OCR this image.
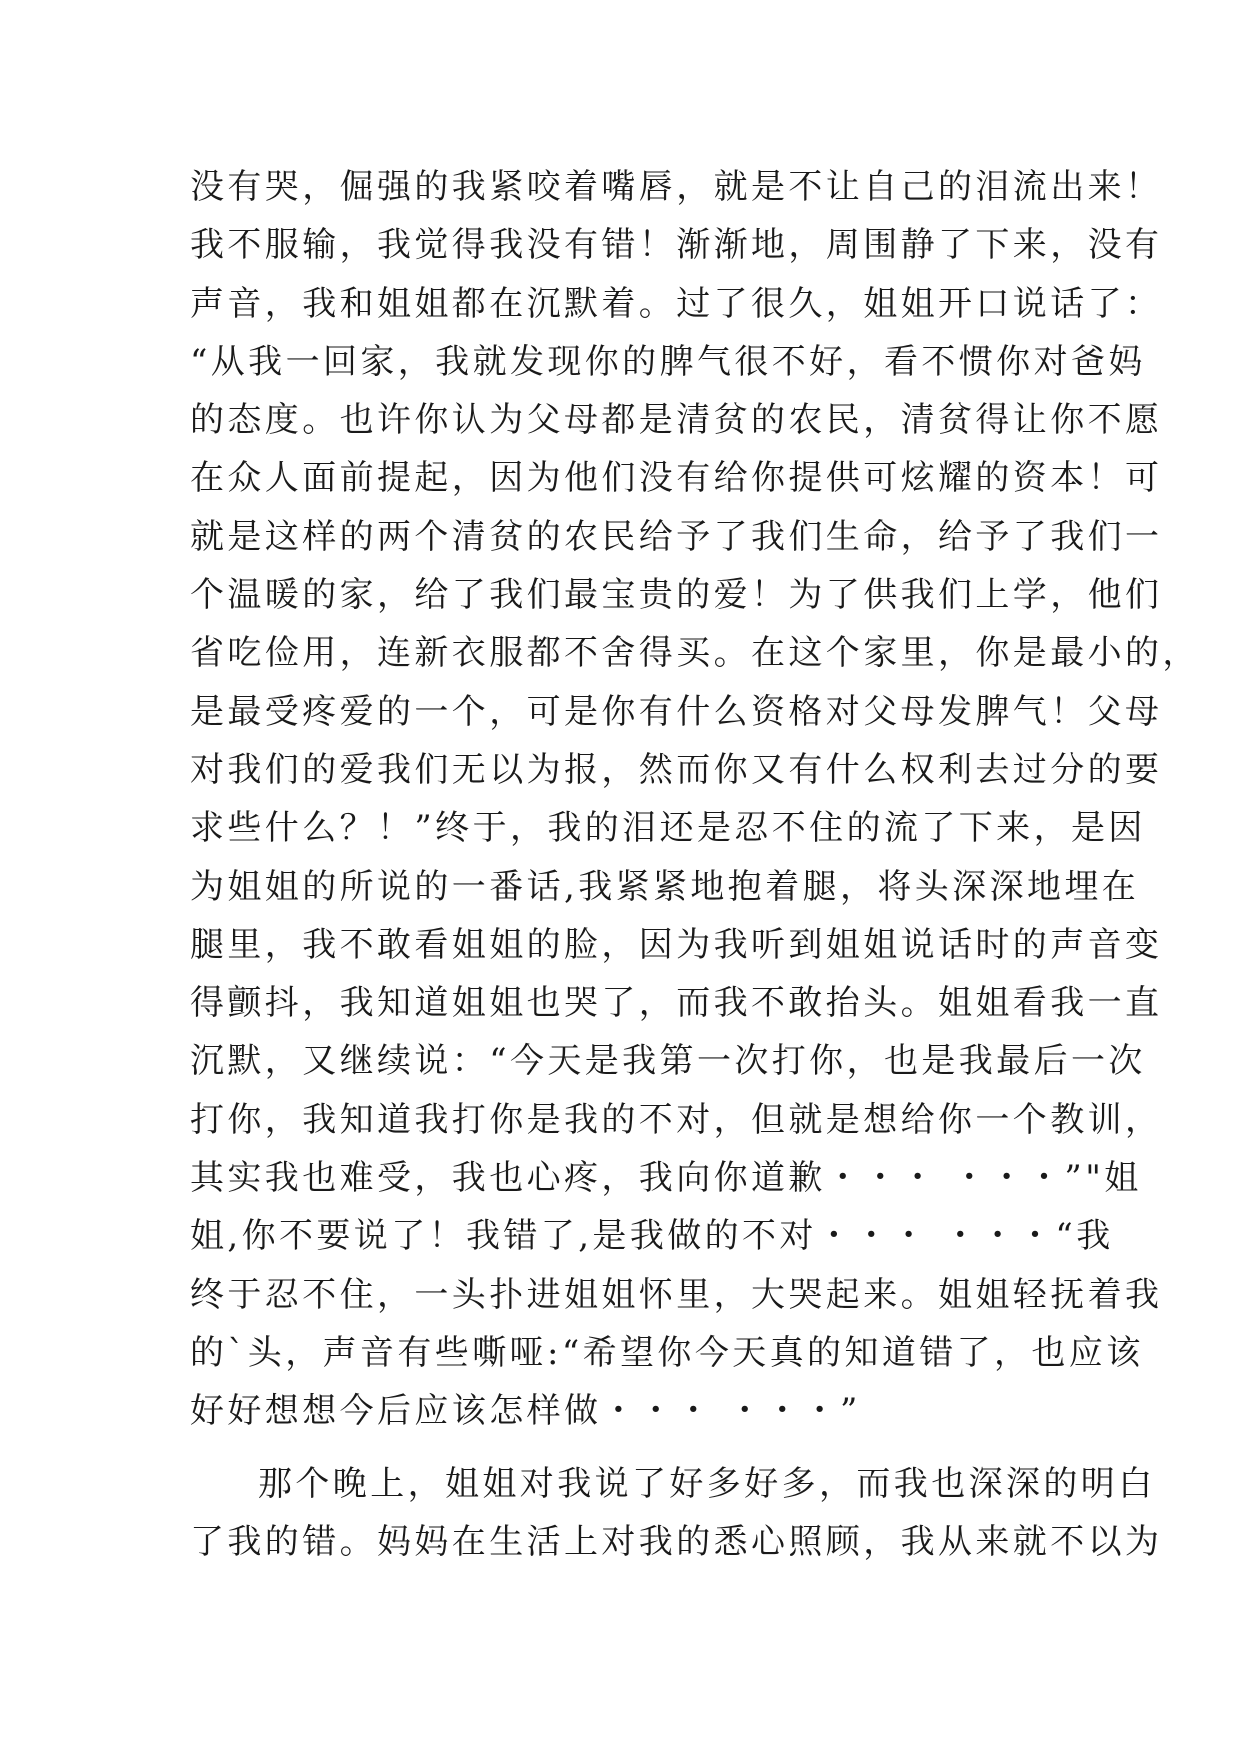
没有哭，倔强的我紧咬着嘴唇，就是不让自己的泪流出来！
我不服输，我觉得我没有错！渐渐地，周围静了下来，没有
声音，我和姐姐都在沉默着。过了很久，姐姐开口说话了：
“从我一回家，我就发现你的脾气很不好，看不惯你对爸妈
的态度。也许你认为父母都是清贫的农民，清贫得让你不愿
在众人面前提起，因为他们没有给你提供可炫耀的资本！可
就是这样的两个清贫的农民给予了我们生命，给予了我们一
个温暖的家，给了我们最宝贵的爱！为了供我们上学，他们
省吃俭用，连新衣服都不舍得买。在这个家里，你是最小的，
是最受疼爱的一个，可是你有什么资格对父母发脾气！父母
对我们的爱我们无以为报，然而你又有什么权利去过分的要
求些什么？！”终于，我的泪还是忍不住的流了下来，是因
为姐姐的所说的一番话,我紧紧地抱着腿，将头深深地埋在
腿里，我不敢看姐姐的脸，因为我听到姐姐说话时的声音变
得颤抖，我知道姐姐也哭了，而我不敢抬头。姐姐看我一直
沉默，又继续说：“今天是我第一次打你，也是我最后一次
打你，我知道我打你是我的不对，但就是想给你一个教训，
其实我也难受，我也心疼，我向你道歉・・・ ・・・”"姐
姐,你不要说了！我错了,是我做的不对・・・ ・・・“我
终于忍不住，一头扑进姐姐怀里，大哭起来。姐姐轻抚着我
的`头，声音有些嘶哑:“希望你今天真的知道错了，也应该
好好想想今后应该怎样做・・・ ・・・”
那个晚上，姐姐对我说了好多好多，而我也深深的明白
了我的错。妈妈在生活上对我的悉心照顾，我从来就不以为
